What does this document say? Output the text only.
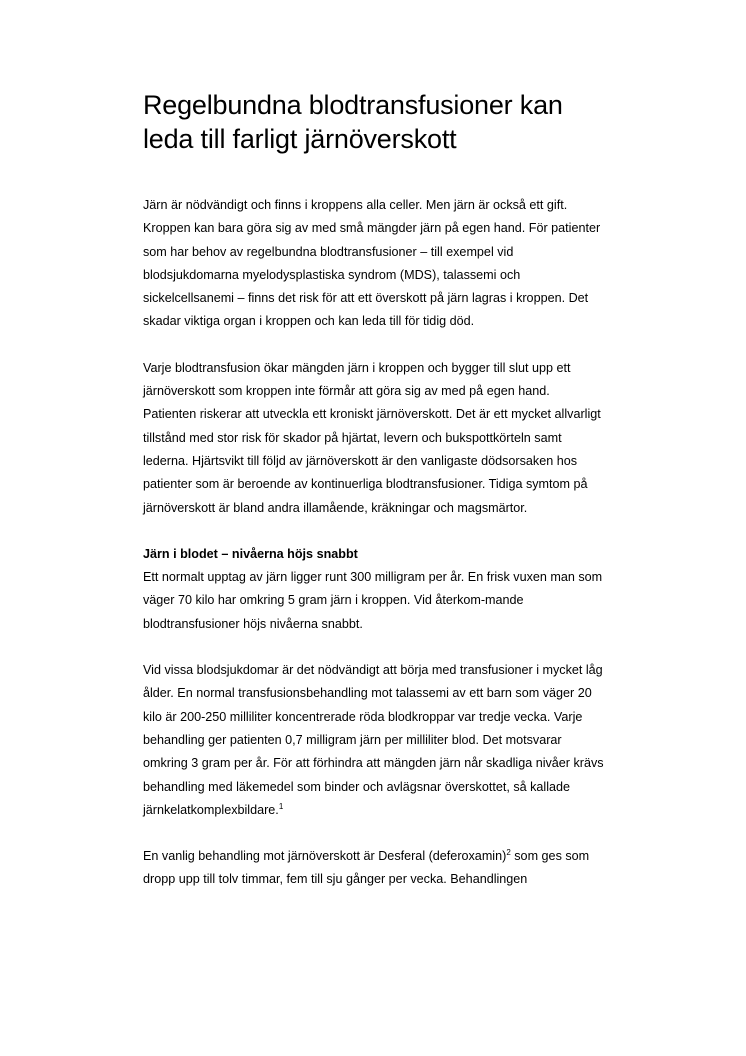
Regelbundna blodtransfusioner kan leda till farligt järnöverskott

Järn är nödvändigt och finns i kroppens alla celler. Men järn är också ett gift. Kroppen kan bara göra sig av med små mängder järn på egen hand. För patienter som har behov av regelbundna blodtransfusioner – till exempel vid blodsjukdomarna myelodysplastiska syndrom (MDS), talassemi och sickelcellsanemi – finns det risk för att ett överskott på järn lagras i kroppen. Det skadar viktiga organ i kroppen och kan leda till för tidig död.

Varje blodtransfusion ökar mängden järn i kroppen och bygger till slut upp ett järnöverskott som kroppen inte förmår att göra sig av med på egen hand. Patienten riskerar att utveckla ett kroniskt järnöverskott. Det är ett mycket allvarligt tillstånd med stor risk för skador på hjärtat, levern och bukspottkörteln samt lederna. Hjärtsvikt till följd av järnöverskott är den vanligaste dödsorsaken hos patienter som är beroende av kontinuerliga blodtransfusioner. Tidiga symtom på järnöverskott är bland andra illamående, kräkningar och magsmärtor.

Järn i blodet – nivåerna höjs snabbt
Ett normalt upptag av järn ligger runt 300 milligram per år. En frisk vuxen man som väger 70 kilo har omkring 5 gram järn i kroppen. Vid återkom-mande blodtransfusioner höjs nivåerna snabbt.

Vid vissa blodsjukdomar är det nödvändigt att börja med transfusioner i mycket låg ålder. En normal transfusionsbehandling mot talassemi av ett barn som väger 20 kilo är 200-250 milliliter koncentrerade röda blodkroppar var tredje vecka. Varje behandling ger patienten 0,7 milligram järn per milliliter blod. Det motsvarar omkring 3 gram per år. För att förhindra att mängden järn når skadliga nivåer krävs behandling med läkemedel som binder och avlägsnar överskottet, så kallade järnkelatkomplexbildare.$^1$

En vanlig behandling mot järnöverskott är Desferal (deferoxamin)$^2$ som ges som dropp upp till tolv timmar, fem till sju gånger per vecka. Behandlingen
